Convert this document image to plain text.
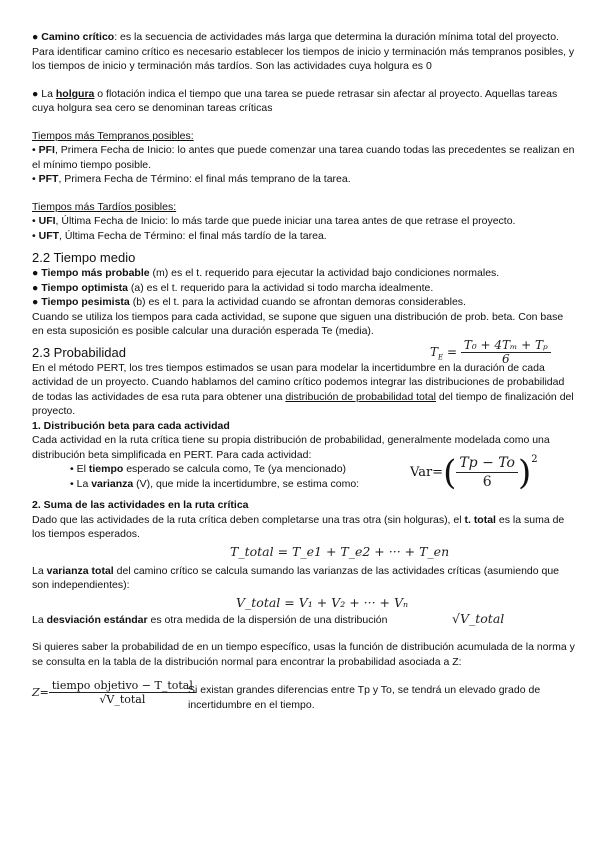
● Camino crítico: es la secuencia de actividades más larga que determina la duración mínima total del proyecto. Para identificar camino crítico es necesario establecer los tiempos de inicio y terminación más tempranos posibles, y los tiempos de inicio y terminación más tardíos. Son las actividades cuya holgura es 0

● La holgura o flotación indica el tiempo que una tarea se puede retrasar sin afectar al proyecto. Aquellas tareas cuya holgura sea cero se denominan tareas críticas

Tiempos más Tempranos posibles:

• PFI, Primera Fecha de Inicio: lo antes que puede comenzar una tarea cuando todas las precedentes se realizan en el mínimo tiempo posible.

• PFT, Primera Fecha de Término: el final más temprano de la tarea.

Tiempos más Tardíos posibles:

• UFI, Última Fecha de Inicio: lo más tarde que puede iniciar una tarea antes de que retrase el proyecto.

• UFT, Última Fecha de Término: el final más tardío de la tarea.

2.2 Tiempo medio

● Tiempo más probable (m) es el t. requerido para ejecutar la actividad bajo condiciones normales.

● Tiempo optimista (a) es el t. requerido para la actividad si todo marcha idealmente.

● Tiempo pesimista (b) es el t. para la actividad cuando se afrontan demoras considerables.

Cuando se utiliza los tiempos para cada actividad, se supone que siguen una distribución de prob. beta. Con base en esta suposición es posible calcular una duración esperada Te (media).

2.3 Probabilidad	$T_E = \frac{\text{T₀ + 4Tₘ + Tₚ}}{6}$

En el método PERT, los tres tiempos estimados se usan para modelar la incertidumbre en la duración de cada actividad de un proyecto. Cuando hablamos del camino crítico podemos integrar las distribuciones de probabilidad de todas las actividades de esa ruta para obtener una distribución de probabilidad total del tiempo de finalización del proyecto.

1. Distribución beta para cada actividad

Cada actividad en la ruta crítica tiene su propia distribución de probabilidad, generalmente modelada como una distribución beta simplificada en PERT. Para cada actividad:

• El tiempo esperado se calcula como, Te (ya mencionado)

• La varianza (V), que mide la incertidumbre, se estima como:

Var = ( $\frac{Tp - To}{6} )^2$

2. Suma de las actividades en la ruta crítica

Dado que las actividades de la ruta crítica deben completarse una tras otra (sin holguras), el t. total es la suma de los tiempos esperados.

T_total = T_e1 + T_e2 + ··· + T_en

La varianza total del camino crítico se calcula sumando las varianzas de las actividades críticas (asumiendo que son independientes):

V_total = V₁ + V₂ + ··· + Vₙ

La desviación estándar es otra medida de la dispersión de una distribución	√V_total

Si quieres saber la probabilidad de en un tiempo específico, usas la función de distribución acumulada de la norma y se consulta en la tabla de la distribución normal para encontrar la probabilidad asociada a Z:

$Z = \frac{\text{tiempo objetivo − T\_total}}{\text{√V\_total}}$

Si existan grandes diferencias entre Tp y To, se tendrá un elevado grado de incertidumbre en el tiempo.
